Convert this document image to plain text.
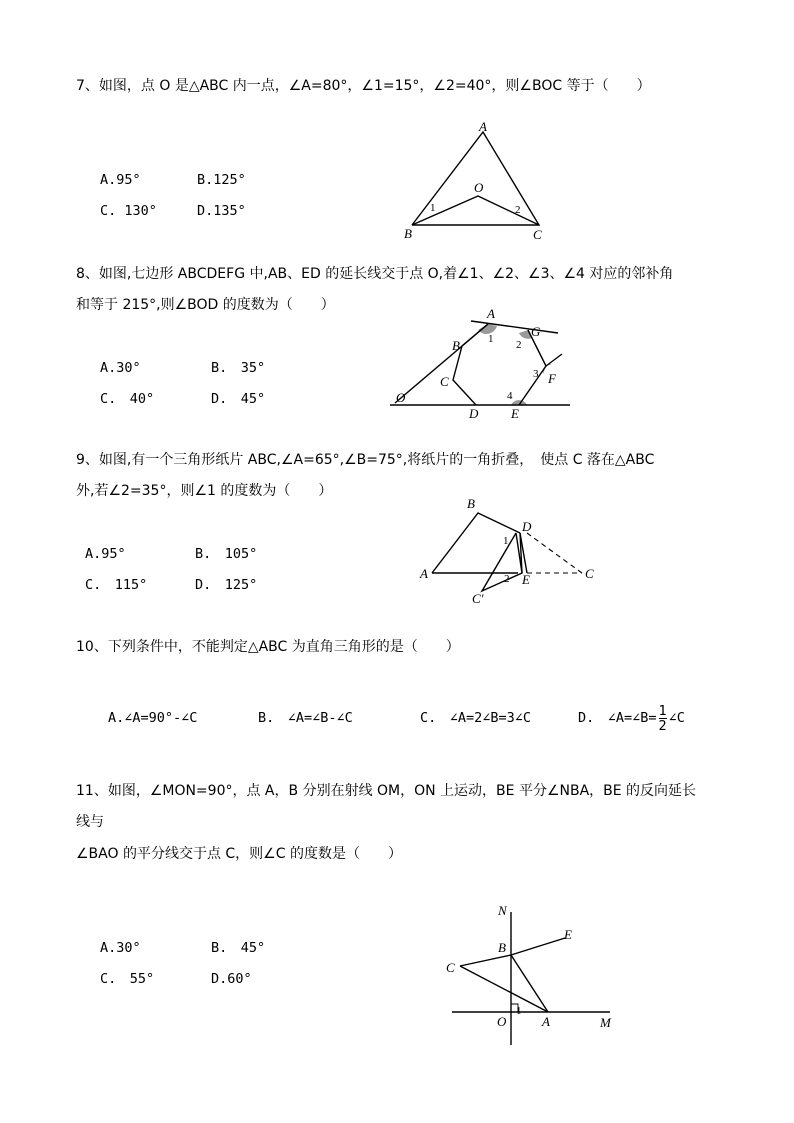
7、如图，点 O 是△ABC 内一点，∠A=80°，∠1=15°，∠2=40°，则∠BOC 等于（　　）
A.95°	B.125°
C. 130°	D.135°
A
B	C
O
1	2
8、如图,七边形 ABCDEFG 中,AB、ED 的延长线交于点 O,着∠1、∠2、∠3、∠4 对应的邻补角
和等于 215°,则∠BOD 的度数为（　　）
A.30°	B.　35°
C.　40°	D.　45°
A
B
C
D	E
F
G
O
1 2
3
4
9、如图,有一个三角形纸片 ABC,∠A=65°,∠B=75°,将纸片的一角折叠，　使点 C 落在△ABC
外,若∠2=35°，则∠1 的度数为（　　）
A.95°	B.　105°
C.　115°	D.　125°
B
A	C
D
E
C′
1
2
10、下列条件中，不能判定△ABC 为直角三角形的是（　　）
A.∠A=90°-∠C	B.　∠A=∠B-∠C	C.　∠A=2∠B=3∠C	D.　∠A=∠B= $\frac{1}{2}$ ∠C
11、如图，∠MON=90°，点 A，B 分别在射线 OM，ON 上运动，BE 平分∠NBA，BE 的反向延长
线与
∠BAO 的平分线交于点 C，则∠C 的度数是（　　）
A.30°	B.　45°
C.　55°	D.60°
N
B
E
C
O	A	M
1
